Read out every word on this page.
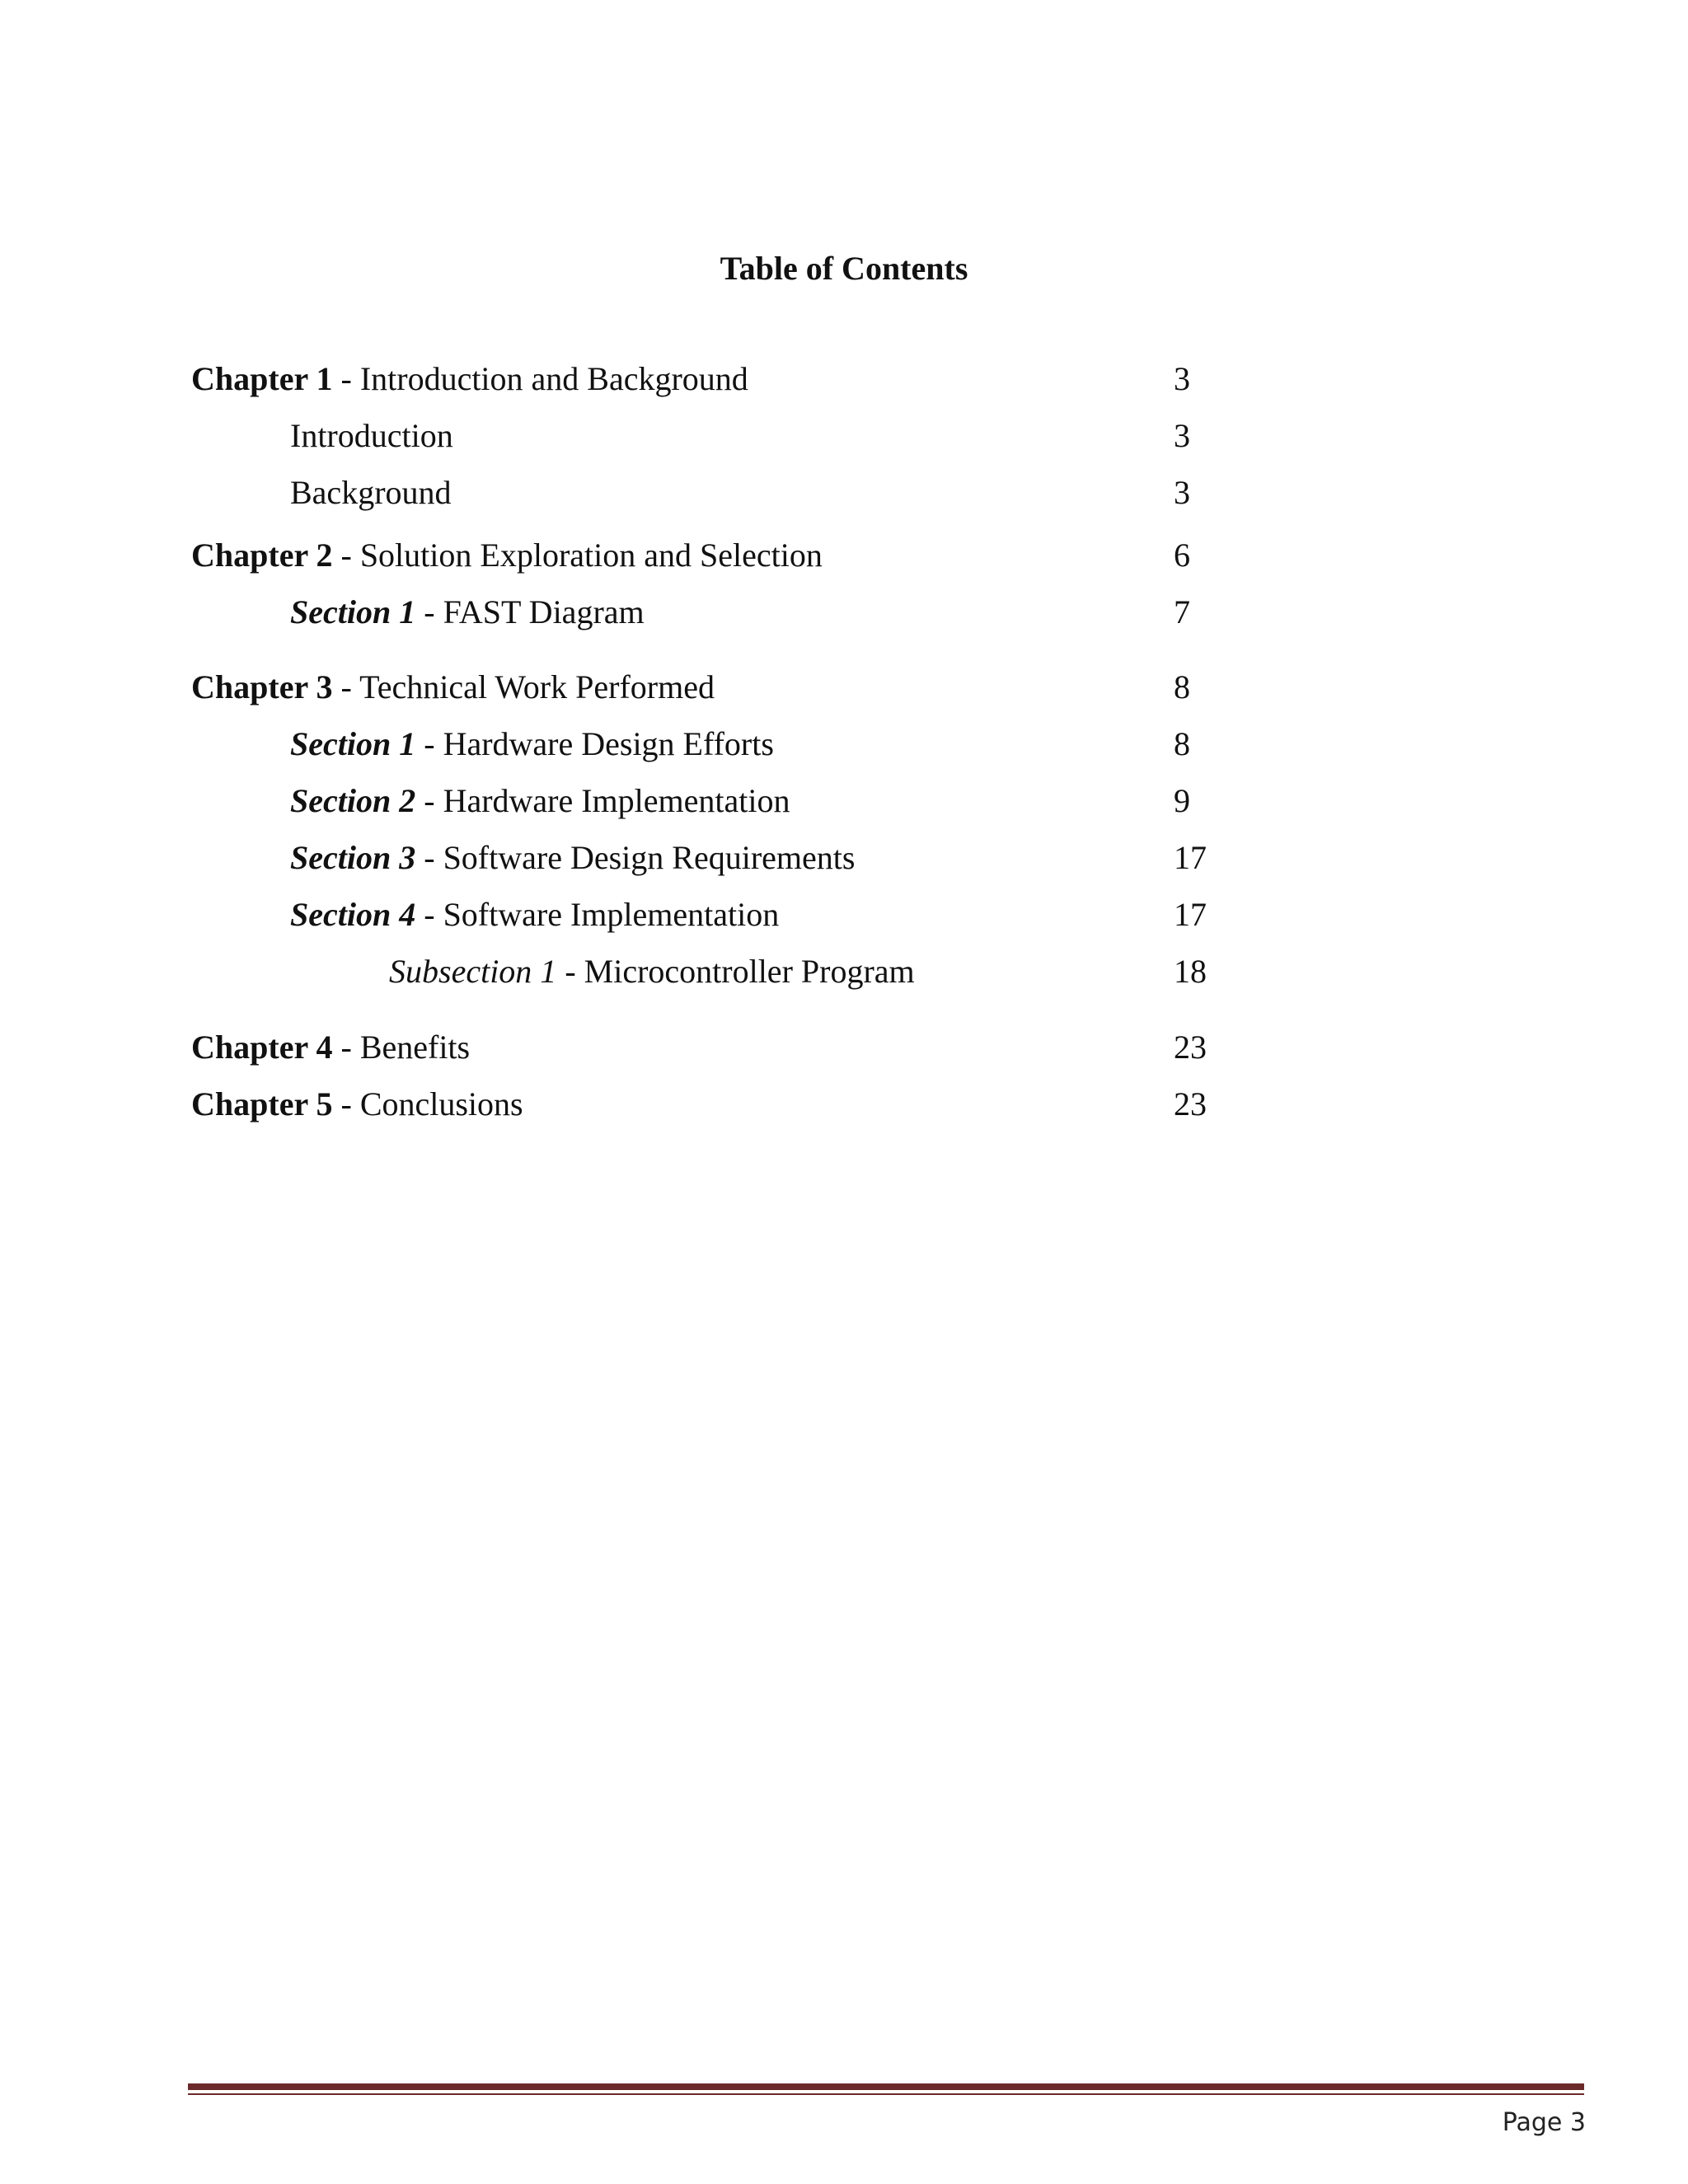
Table of Contents
Chapter 1 - Introduction and Background	3
Introduction	3
Background	3
Chapter 2 - Solution Exploration and Selection	6
Section 1 - FAST Diagram	7
Chapter 3 - Technical Work Performed	8
Section 1 - Hardware Design Efforts	8
Section 2 - Hardware Implementation	9
Section 3 - Software Design Requirements	17
Section 4 - Software Implementation	17
Subsection 1 - Microcontroller Program	18
Chapter 4 - Benefits	23
Chapter 5 - Conclusions	23
Page 3
